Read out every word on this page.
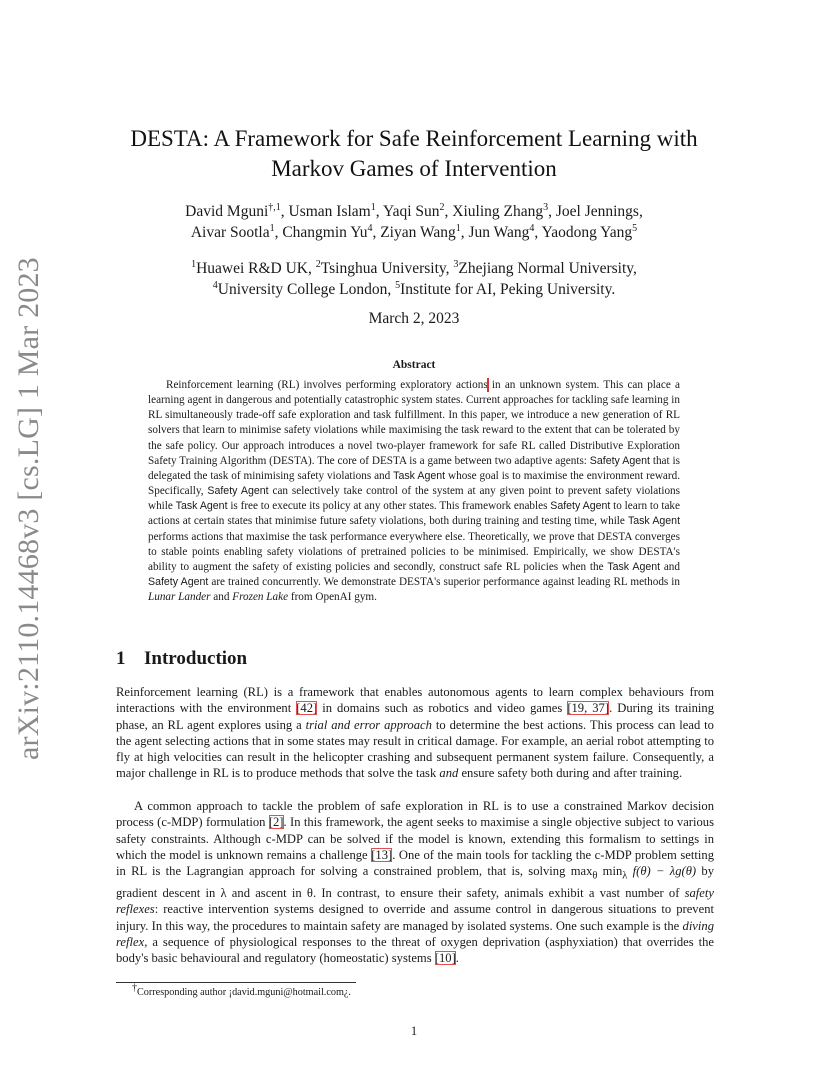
arXiv:2110.14468v3 [cs.LG] 1 Mar 2023
DESTA: A Framework for Safe Reinforcement Learning with
Markov Games of Intervention
David Mguni$^{\dagger,1}$, Usman Islam$^1$, Yaqi Sun$^2$, Xiuling Zhang$^3$, Joel Jennings,
Aivar Sootla$^1$, Changmin Yu$^4$, Ziyan Wang$^1$, Jun Wang$^4$, Yaodong Yang$^5$
$^1$Huawei R&D UK, $^2$Tsinghua University, $^3$Zhejiang Normal University,
$^4$University College London, $^5$Institute for AI, Peking University.
March 2, 2023
Abstract

Reinforcement learning (RL) involves performing exploratory actions in an unknown system. This can place a learning agent in dangerous and potentially catastrophic system states. Current approaches for tackling safe learning in RL simultaneously trade-off safe exploration and task fulfillment. In this paper, we introduce a new generation of RL solvers that learn to minimise safety violations while maximising the task reward to the extent that can be tolerated by the safe policy. Our approach introduces a novel two-player framework for safe RL called Distributive Exploration Safety Training Algorithm (DESTA). The core of DESTA is a game between two adaptive agents: Safety Agent that is delegated the task of minimising safety violations and Task Agent whose goal is to maximise the environment reward. Specifically, Safety Agent can selectively take control of the system at any given point to prevent safety violations while Task Agent is free to execute its policy at any other states. This framework enables Safety Agent to learn to take actions at certain states that minimise future safety violations, both during training and testing time, while Task Agent performs actions that maximise the task performance everywhere else. Theoretically, we prove that DESTA converges to stable points enabling safety violations of pretrained policies to be minimised. Empirically, we show DESTA's ability to augment the safety of existing policies and secondly, construct safe RL policies when the Task Agent and Safety Agent are trained concurrently. We demonstrate DESTA's superior performance against leading RL methods in Lunar Lander and Frozen Lake from OpenAI gym.

1 Introduction

Reinforcement learning (RL) is a framework that enables autonomous agents to learn complex behaviours from interactions with the environment [42] in domains such as robotics and video games [19, 37]. During its training phase, an RL agent explores using a trial and error approach to determine the best actions. This process can lead to the agent selecting actions that in some states may result in critical damage. For example, an aerial robot attempting to fly at high velocities can result in the helicopter crashing and subsequent permanent system failure. Consequently, a major challenge in RL is to produce methods that solve the task and ensure safety both during and after training.

A common approach to tackle the problem of safe exploration in RL is to use a constrained Markov decision process (c-MDP) formulation [2]. In this framework, the agent seeks to maximise a single objective subject to various safety constraints. Although c-MDP can be solved if the model is known, extending this formalism to settings in which the model is unknown remains a challenge [13]. One of the main tools for tackling the c-MDP problem setting in RL is the Lagrangian approach for solving a constrained problem, that is, solving $\max_\theta \min_\lambda f(\theta) - \lambda g(\theta)$ by gradient descent in λ and ascent in θ. In contrast, to ensure their safety, animals exhibit a vast number of safety reflexes: reactive intervention systems designed to override and assume control in dangerous situations to prevent injury. In this way, the procedures to maintain safety are managed by isolated systems. One such example is the diving reflex, a sequence of physiological responses to the threat of oxygen deprivation (asphyxiation) that overrides the body's basic behavioural and regulatory (homeostatic) systems [10].

†Corresponding author ¡david.mguni@hotmail.com¿.

1
